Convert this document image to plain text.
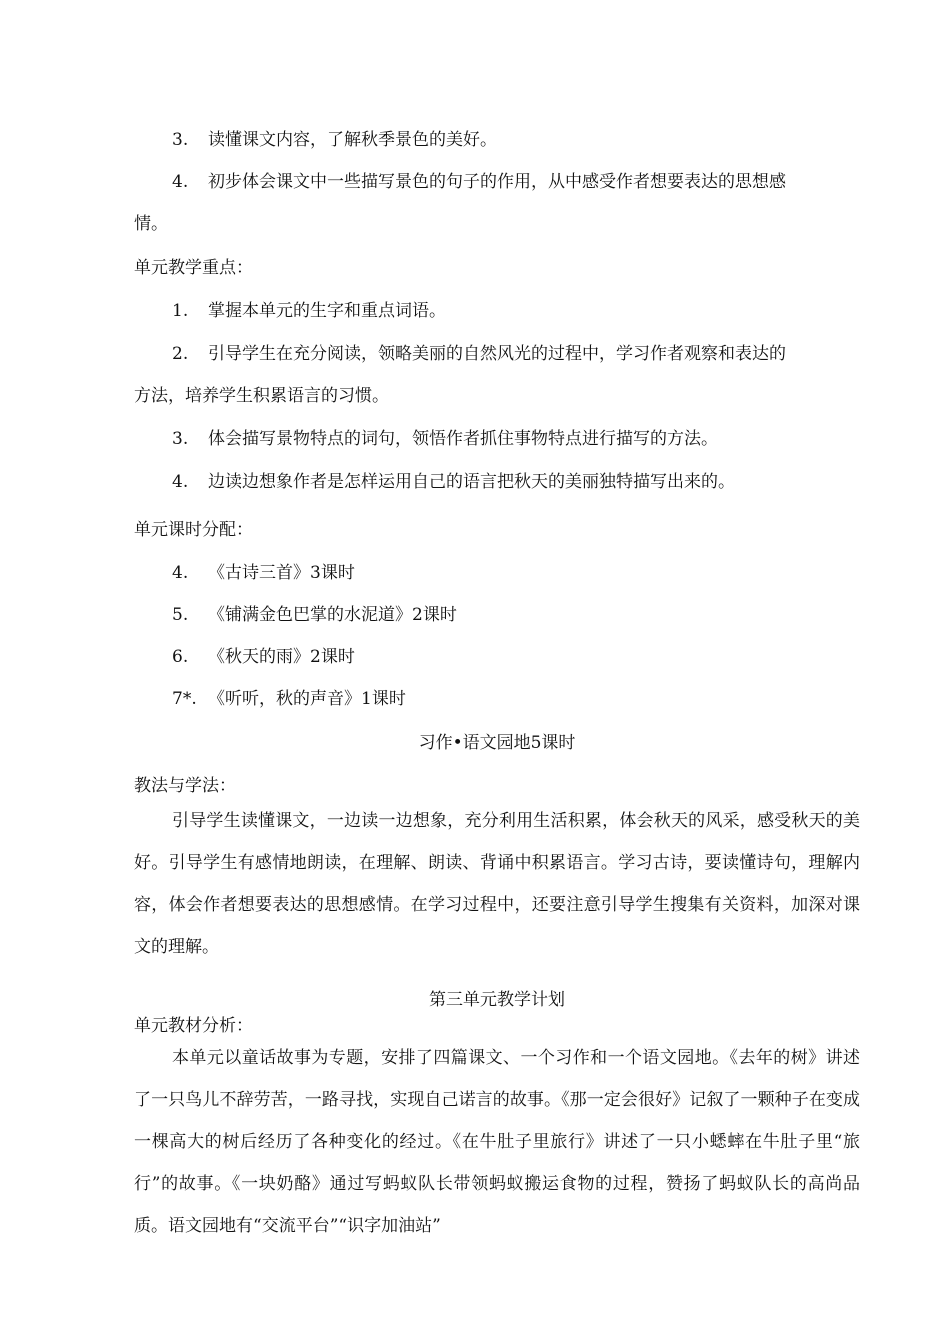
3. 读懂课文内容，了解秋季景色的美好。
4. 初步体会课文中一些描写景色的句子的作用，从中感受作者想要表达的思想感
情。
单元教学重点：
1. 掌握本单元的生字和重点词语。
2. 引导学生在充分阅读，领略美丽的自然风光的过程中，学习作者观察和表达的
方法，培养学生积累语言的习惯。
3. 体会描写景物特点的词句，领悟作者抓住事物特点进行描写的方法。
4. 边读边想象作者是怎样运用自己的语言把秋天的美丽独特描写出来的。
单元课时分配：
4. 《古诗三首》3课时
5. 《铺满金色巴掌的水泥道》2课时
6. 《秋天的雨》2课时
7*. 《听听，秋的声音》1课时
习作•语文园地5课时
教法与学法：
引导学生读懂课文，一边读一边想象，充分利用生活积累，体会秋天的风采，感受秋天的美好。引导学生有感情地朗读，在理解、朗读、背诵中积累语言。学习古诗，要读懂诗句，理解内容，体会作者想要表达的思想感情。在学习过程中，还要注意引导学生搜集有关资料，加深对课文的理解。
第三单元教学计划
单元教材分析：
本单元以童话故事为专题，安排了四篇课文、一个习作和一个语文园地。《去年的树》讲述了一只鸟儿不辞劳苦，一路寻找，实现自己诺言的故事。《那一定会很好》记叙了一颗种子在变成一棵高大的树后经历了各种变化的经过。《在牛肚子里旅行》讲述了一只小蟋蟀在牛肚子里“旅行”的故事。《一块奶酪》通过写蚂蚁队长带领蚂蚁搬运食物的过程，赞扬了蚂蚁队长的高尚品质。语文园地有“交流平台”“识字加油站”
